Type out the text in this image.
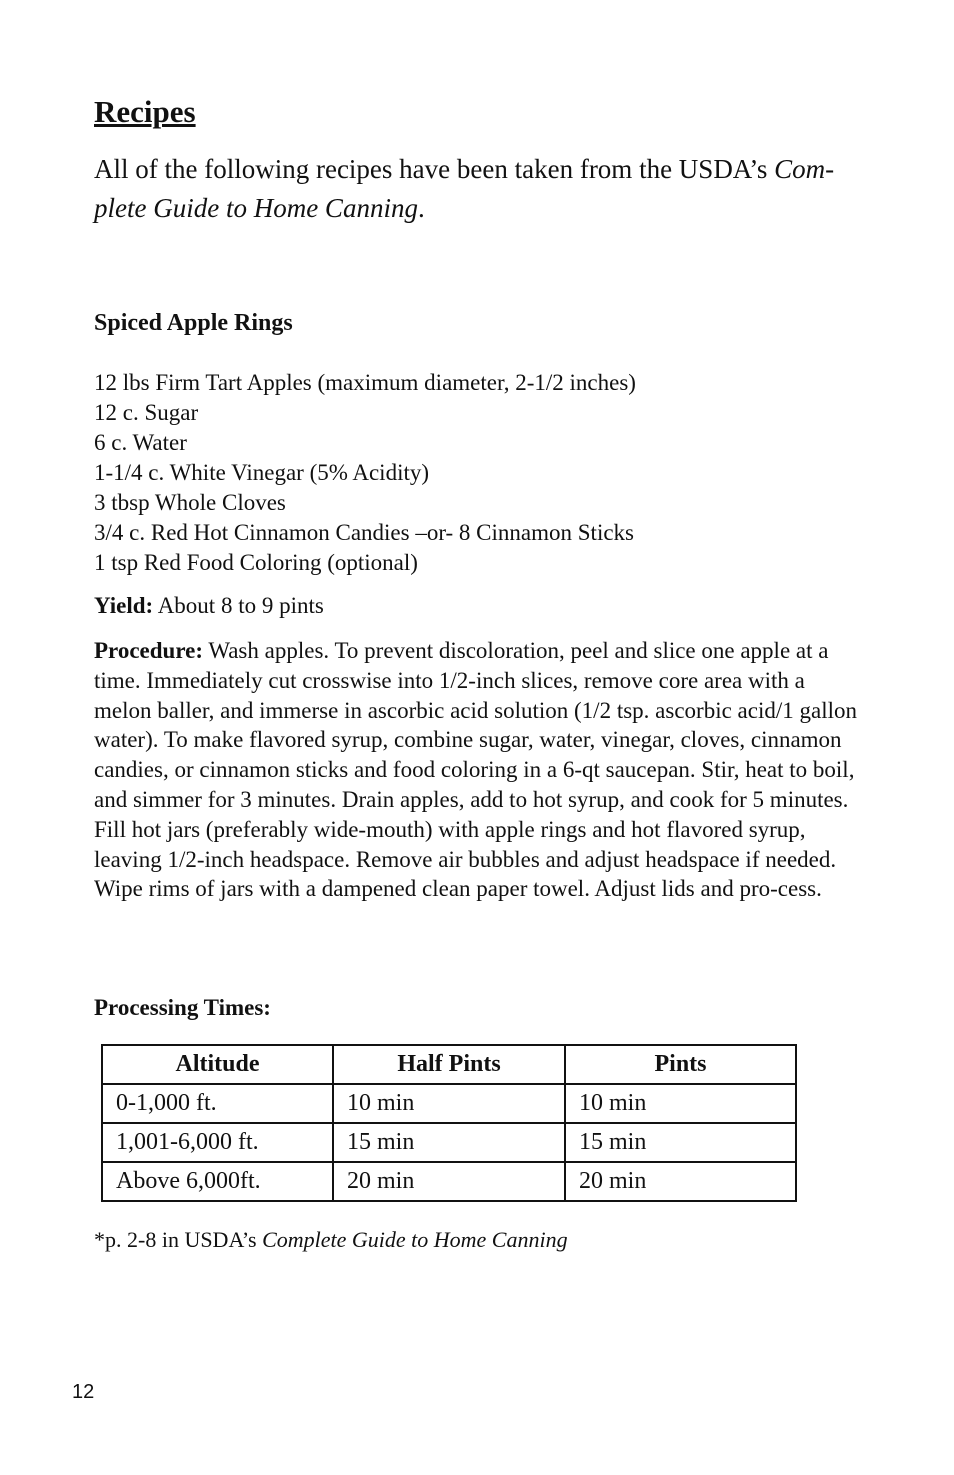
Recipes

All of the following recipes have been taken from the USDA’s Com-plete Guide to Home Canning.

Spiced Apple Rings
12 lbs Firm Tart Apples (maximum diameter, 2-1/2 inches)
12 c. Sugar
6 c. Water
1-1/4 c. White Vinegar (5% Acidity)
3 tbsp Whole Cloves
3/4 c. Red Hot Cinnamon Candies –or- 8 Cinnamon Sticks
1 tsp Red Food Coloring (optional)

Yield: About 8 to 9 pints

Procedure: Wash apples. To prevent discoloration, peel and slice one apple at a time. Immediately cut crosswise into 1/2-inch slices, remove core area with a melon baller, and immerse in ascorbic acid solution (1/2 tsp. ascorbic acid/1 gallon water). To make flavored syrup, combine sugar, water, vinegar, cloves, cinnamon candies, or cinnamon sticks and food coloring in a 6-qt saucepan. Stir, heat to boil, and simmer for 3 minutes. Drain apples, add to hot syrup, and cook for 5 minutes. Fill hot jars (preferably wide-mouth) with apple rings and hot flavored syrup, leaving 1/2-inch headspace. Remove air bubbles and adjust headspace if needed. Wipe rims of jars with a dampened clean paper towel. Adjust lids and pro-cess.

Processing Times:
Altitude	Half Pints	Pints
0-1,000 ft.	10 min	10 min
1,001-6,000 ft.	15 min	15 min
Above 6,000ft.	20 min	20 min

*p. 2-8 in USDA’s Complete Guide to Home Canning

12
